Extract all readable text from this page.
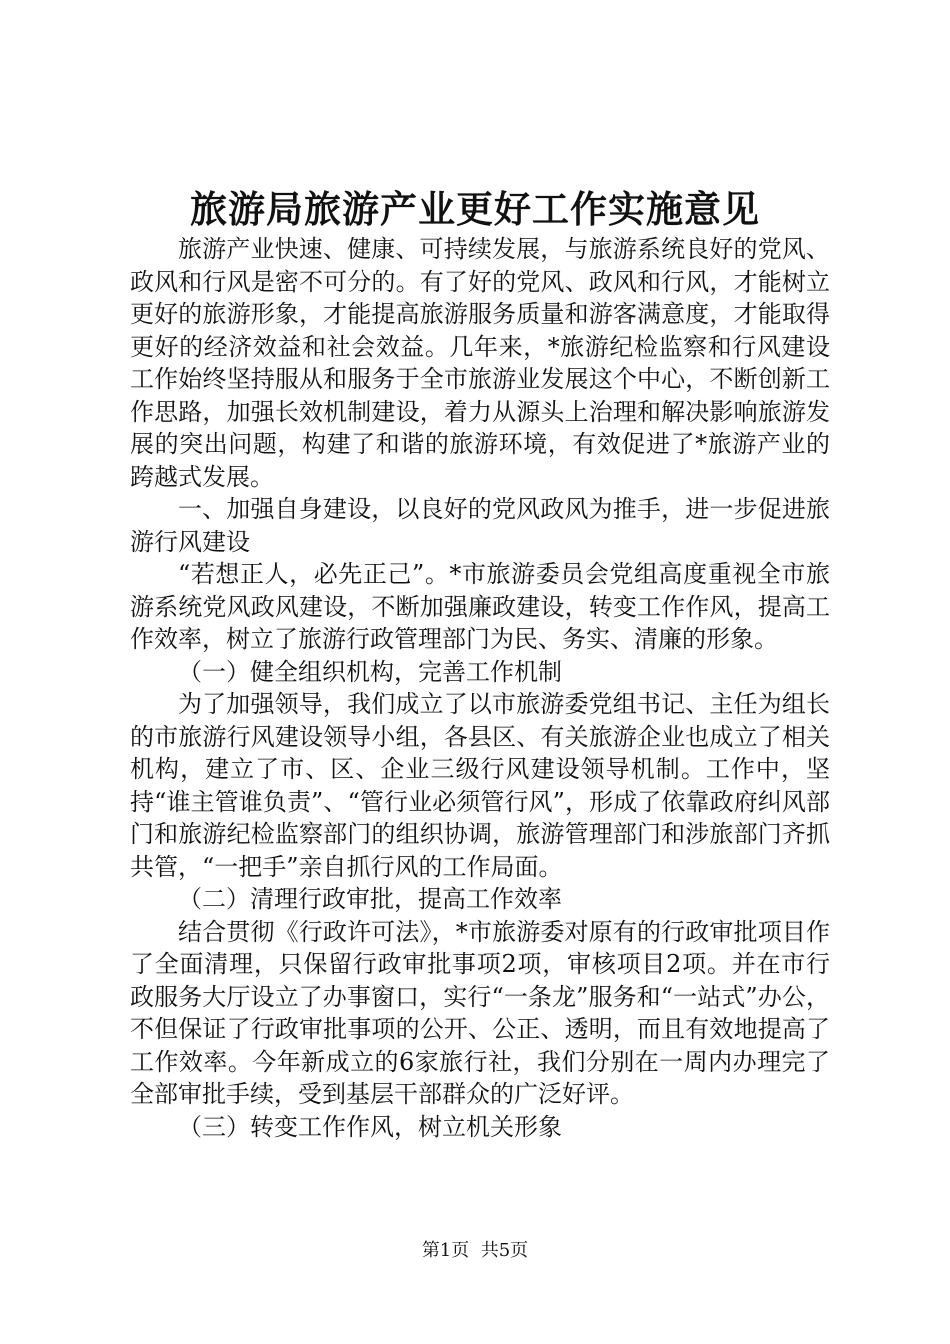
旅游局旅游产业更好工作实施意见

旅游产业快速、健康、可持续发展，与旅游系统良好的党风、政风和行风是密不可分的。有了好的党风、政风和行风，才能树立更好的旅游形象，才能提高旅游服务质量和游客满意度，才能取得更好的经济效益和社会效益。几年来，*旅游纪检监察和行风建设工作始终坚持服从和服务于全市旅游业发展这个中心，不断创新工作思路，加强长效机制建设，着力从源头上治理和解决影响旅游发展的突出问题，构建了和谐的旅游环境，有效促进了*旅游产业的跨越式发展。

一、加强自身建设，以良好的党风政风为推手，进一步促进旅游行风建设

“若想正人，必先正己”。*市旅游委员会党组高度重视全市旅游系统党风政风建设，不断加强廉政建设，转变工作作风，提高工作效率，树立了旅游行政管理部门为民、务实、清廉的形象。

（一）健全组织机构，完善工作机制

为了加强领导，我们成立了以市旅游委党组书记、主任为组长的市旅游行风建设领导小组，各县区、有关旅游企业也成立了相关机构，建立了市、区、企业三级行风建设领导机制。工作中，坚持“谁主管谁负责”、“管行业必须管行风”，形成了依靠政府纠风部门和旅游纪检监察部门的组织协调，旅游管理部门和涉旅部门齐抓共管，“一把手”亲自抓行风的工作局面。

（二）清理行政审批，提高工作效率

结合贯彻《行政许可法》，*市旅游委对原有的行政审批项目作了全面清理，只保留行政审批事项2项，审核项目2项。并在市行政服务大厅设立了办事窗口，实行“一条龙”服务和“一站式”办公，不但保证了行政审批事项的公开、公正、透明，而且有效地提高了工作效率。今年新成立的6家旅行社，我们分别在一周内办理完了全部审批手续，受到基层干部群众的广泛好评。

（三）转变工作作风，树立机关形象

第1页 共5页
